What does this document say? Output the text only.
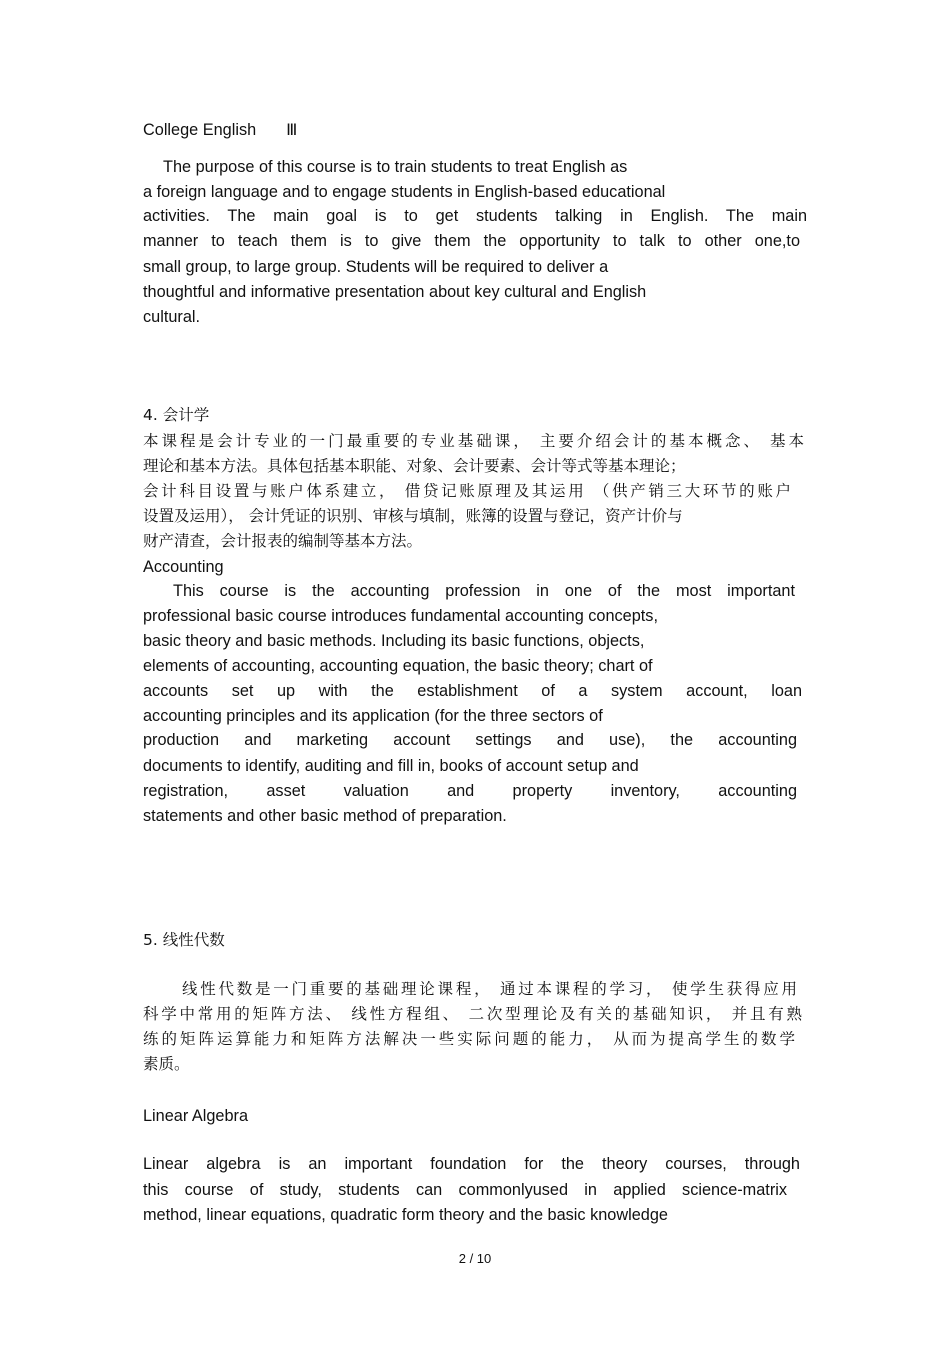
College English Ⅲ

The purpose of this course is to train students to treat English as

a foreign language and to engage students in English-based educational

activities. The main goal is to get students talking in English. The main

manner to teach them is to give them the opportunity to talk to other one,to

small group, to large group. Students will be required to deliver a

thoughtful and informative presentation about key cultural and English

cultural.

4. 会计学

本课程是会计专业的一门最重要的专业基础课， 主要介绍会计的基本概念、 基本

理论和基本方法。具体包括基本职能、对象、会计要素、会计等式等基本理论；

会计科目设置与账户体系建立， 借贷记账原理及其运用 （供产销三大环节的账户

设置及运用）， 会计凭证的识别、审核与填制，账簿的设置与登记，资产计价与

财产清查，会计报表的编制等基本方法。

Accounting

This course is the accounting profession in one of the most important

professional basic course introduces fundamental accounting concepts,

basic theory and basic methods. Including its basic functions, objects,

elements of accounting, accounting equation, the basic theory; chart of

accounts set up with the establishment of a system account, loan

accounting principles and its application (for the three sectors of

production and marketing account settings and use), the accounting

documents to identify, auditing and fill in, books of account setup and

registration, asset valuation and property inventory, accounting

statements and other basic method of preparation.

5. 线性代数

线性代数是一门重要的基础理论课程， 通过本课程的学习， 使学生获得应用

科学中常用的矩阵方法、 线性方程组、 二次型理论及有关的基础知识， 并且有熟

练的矩阵运算能力和矩阵方法解决一些实际问题的能力， 从而为提高学生的数学

素质。

Linear Algebra

Linear algebra is an important foundation for the theory courses, through

this course of study, students can commonlyused in applied science-matrix

method, linear equations, quadratic form theory and the basic knowledge

2 / 10
